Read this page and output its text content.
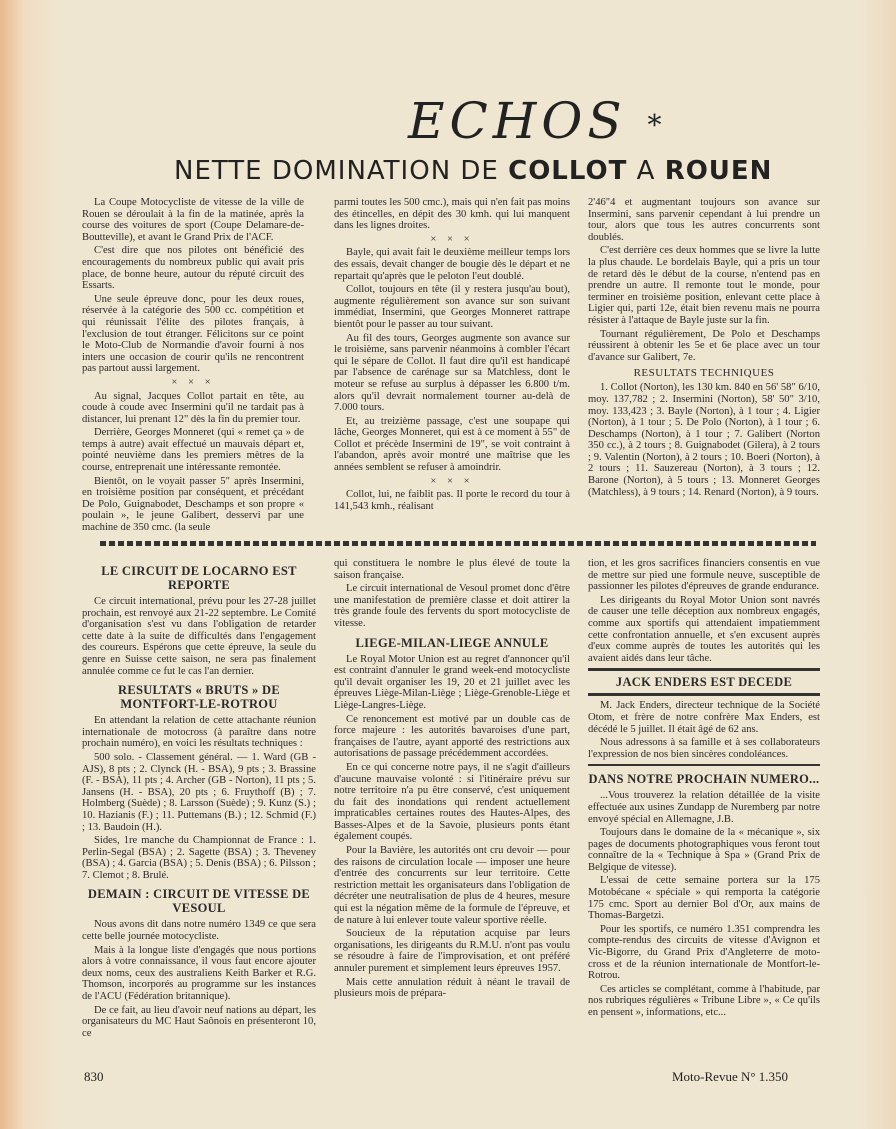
ECHOS *
NETTE DOMINATION DE COLLOT A ROUEN

La Coupe Motocycliste de vitesse de la ville de Rouen se déroulait à la fin de la matinée, après la course des voitures de sport (Coupe Delamare-de-Boutteville), et avant le Grand Prix de l'ACF.

C'est dire que nos pilotes ont bénéficié des encouragements du nombreux public qui avait pris place, de bonne heure, autour du réputé circuit des Essarts.

Une seule épreuve donc, pour les deux roues, réservée à la catégorie des 500 cc. compétition et qui réunissait l'élite des pilotes français, à l'exclusion de tout étranger. Félicitons sur ce point le Moto-Club de Normandie d'avoir fourni à nos inters une occasion de courir qu'ils ne rencontrent pas partout aussi largement.

× × ×

Au signal, Jacques Collot partait en tête, au coude à coude avec Insermini qu'il ne tardait pas à distancer, lui prenant 12" dès la fin du premier tour.

Derrière, Georges Monneret (qui « remet ça » de temps à autre) avait effectué un mauvais départ et, pointé neuvième dans les premiers mètres de la course, entreprenait une intéressante remontée.

Bientôt, on le voyait passer 5" après Insermini, en troisième position par conséquent, et précédant De Polo, Guignabodet, Deschamps et son propre « poulain », le jeune Galibert, desservi par une machine de 350 cmc. (la seule

parmi toutes les 500 cmc.), mais qui n'en fait pas moins des étincelles, en dépit des 30 kmh. qui lui manquent dans les lignes droites.

× × ×

Bayle, qui avait fait le deuxième meilleur temps lors des essais, devait changer de bougie dès le départ et ne repartait qu'après que le peloton l'eut doublé.

Collot, toujours en tête (il y restera jusqu'au bout), augmente régulièrement son avance sur son suivant immédiat, Insermini, que Georges Monneret rattrape bientôt pour le passer au tour suivant.

Au fil des tours, Georges augmente son avance sur le troisième, sans parvenir néanmoins à combler l'écart qui le sépare de Collot. Il faut dire qu'il est handicapé par l'absence de carénage sur sa Matchless, dont le moteur se refuse au surplus à dépasser les 6.800 t/m. alors qu'il devrait normalement tourner au-delà de 7.000 tours.

Et, au treizième passage, c'est une soupape qui lâche, Georges Monneret, qui est à ce moment à 55" de Collot et précède Insermini de 19", se voit contraint à l'abandon, après avoir montré une maîtrise que les années semblent se refuser à amoindrir.

× × ×

Collot, lui, ne faiblit pas. Il porte le record du tour à 141,543 kmh., réalisant

2'46"4 et augmentant toujours son avance sur Insermini, sans parvenir cependant à lui prendre un tour, alors que tous les autres concurrents sont doublés.

C'est derrière ces deux hommes que se livre la lutte la plus chaude. Le bordelais Bayle, qui a pris un tour de retard dès le début de la course, n'entend pas en prendre un autre. Il remonte tout le monde, pour terminer en troisième position, enlevant cette place à Ligier qui, parti 12e, était bien revenu mais ne pourra résister à l'attaque de Bayle juste sur la fin.

Tournant régulièrement, De Polo et Deschamps réussirent à obtenir les 5e et 6e place avec un tour d'avance sur Galibert, 7e.

RESULTATS TECHNIQUES

1. Collot (Norton), les 130 km. 840 en 56' 58" 6/10, moy. 137,782 ; 2. Insermini (Norton), 58' 50" 3/10, moy. 133,423 ; 3. Bayle (Norton), à 1 tour ; 4. Ligier (Norton), à 1 tour ; 5. De Polo (Norton), à 1 tour ; 6. Deschamps (Norton), à 1 tour ; 7. Galibert (Norton 350 cc.), à 2 tours ; 8. Guignabodet (Gilera), à 2 tours ; 9. Valentin (Norton), à 2 tours ; 10. Boeri (Norton), à 2 tours ; 11. Sauzereau (Norton), à 3 tours ; 12. Barone (Norton), à 5 tours ; 13. Monneret Georges (Matchless), à 9 tours ; 14. Renard (Norton), à 9 tours.

LE CIRCUIT DE LOCARNO EST REPORTE

Ce circuit international, prévu pour les 27-28 juillet prochain, est renvoyé aux 21-22 septembre. Le Comité d'organisation s'est vu dans l'obligation de retarder cette date à la suite de difficultés dans l'engagement des coureurs. Espérons que cette épreuve, la seule du genre en Suisse cette saison, ne sera pas finalement annulée comme ce fut le cas l'an dernier.

RESULTATS « BRUTS » DE MONTFORT-LE-ROTROU

En attendant la relation de cette attachante réunion internationale de motocross (à paraître dans notre prochain numéro), en voici les résultats techniques :

500 solo. - Classement général. — 1. Ward (GB - AJS), 8 pts ; 2. Clynck (H. - BSA), 9 pts ; 3. Brassine (F. - BSA), 11 pts ; 4. Archer (GB - Norton), 11 pts ; 5. Jansens (H. - BSA), 20 pts ; 6. Fruythoff (B) ; 7. Holmberg (Suède) ; 8. Larsson (Suède) ; 9. Kunz (S.) ; 10. Hazianis (F.) ; 11. Puttemans (B.) ; 12. Schmid (F.) ; 13. Baudoin (H.).

Sides, 1re manche du Championnat de France : 1. Perlin-Segal (BSA) ; 2. Sagette (BSA) ; 3. Theveney (BSA) ; 4. Garcia (BSA) ; 5. Denis (BSA) ; 6. Pilsson ; 7. Clemot ; 8. Brulé.

DEMAIN : CIRCUIT DE VITESSE DE VESOUL

Nous avons dit dans notre numéro 1349 ce que sera cette belle journée motocycliste.

Mais à la longue liste d'engagés que nous portions alors à votre connaissance, il vous faut encore ajouter deux noms, ceux des australiens Keith Barker et R.G. Thomson, incorporés au programme sur les instances de l'ACU (Fédération britannique).

De ce fait, au lieu d'avoir neuf nations au départ, les organisateurs du MC Haut Saônois en présenteront 10, ce

qui constituera le nombre le plus élevé de toute la saison française.

Le circuit international de Vesoul promet donc d'être une manifestation de première classe et doit attirer la très grande foule des fervents du sport motocycliste de vitesse.

LIEGE-MILAN-LIEGE ANNULE

Le Royal Motor Union est au regret d'annoncer qu'il est contraint d'annuler le grand week-end motocycliste qu'il devait organiser les 19, 20 et 21 juillet avec les épreuves Liège-Milan-Liège ; Liège-Grenoble-Liège et Liège-Langres-Liège.

Ce renoncement est motivé par un double cas de force majeure : les autorités bavaroises d'une part, françaises de l'autre, ayant apporté des restrictions aux autorisations de passage précédemment accordées.

En ce qui concerne notre pays, il ne s'agit d'ailleurs d'aucune mauvaise volonté : si l'itinéraire prévu sur notre territoire n'a pu être conservé, c'est uniquement du fait des inondations qui rendent actuellement impraticables certaines routes des Hautes-Alpes, des Basses-Alpes et de la Savoie, plusieurs ponts étant également coupés.

Pour la Bavière, les autorités ont cru devoir — pour des raisons de circulation locale — imposer une heure d'entrée des concurrents sur leur territoire. Cette restriction mettait les organisateurs dans l'obligation de décréter une neutralisation de plus de 4 heures, mesure qui est la négation même de la formule de l'épreuve, et de nature à lui enlever toute valeur sportive réelle.

Soucieux de la réputation acquise par leurs organisations, les dirigeants du R.M.U. n'ont pas voulu se résoudre à faire de l'improvisation, et ont préféré annuler purement et simplement leurs épreuves 1957.

Mais cette annulation réduit à néant le travail de plusieurs mois de prépara-

tion, et les gros sacrifices financiers consentis en vue de mettre sur pied une formule neuve, susceptible de passionner les pilotes d'épreuves de grande endurance.

Les dirigeants du Royal Motor Union sont navrés de causer une telle déception aux nombreux engagés, comme aux sportifs qui attendaient impatiemment cette confrontation annuelle, et s'en excusent auprès d'eux comme auprès de toutes les autorités qui les avaient aidés dans leur tâche.

JACK ENDERS EST DECEDE

M. Jack Enders, directeur technique de la Société Otom, et frère de notre confrère Max Enders, est décédé le 5 juillet. Il était âgé de 62 ans.

Nous adressons à sa famille et à ses collaborateurs l'expression de nos bien sincères condoléances.

DANS NOTRE PROCHAIN NUMERO...

...Vous trouverez la relation détaillée de la visite effectuée aux usines Zundapp de Nuremberg par notre envoyé spécial en Allemagne, J.B.

Toujours dans le domaine de la « mécanique », six pages de documents photographiques vous feront tout connaître de la « Technique à Spa » (Grand Prix de Belgique de vitesse).

L'essai de cette semaine portera sur la 175 Motobécane « spéciale » qui remporta la catégorie 175 cmc. Sport au dernier Bol d'Or, aux mains de Thomas-Bargetzi.

Pour les sportifs, ce numéro 1.351 comprendra les compte-rendus des circuits de vitesse d'Avignon et Vic-Bigorre, du Grand Prix d'Angleterre de moto-cross et de la réunion internationale de Montfort-le-Rotrou.

Ces articles se complétant, comme à l'habitude, par nos rubriques régulières « Tribune Libre », « Ce qu'ils en pensent », informations, etc...

830	Moto-Revue N° 1.350
